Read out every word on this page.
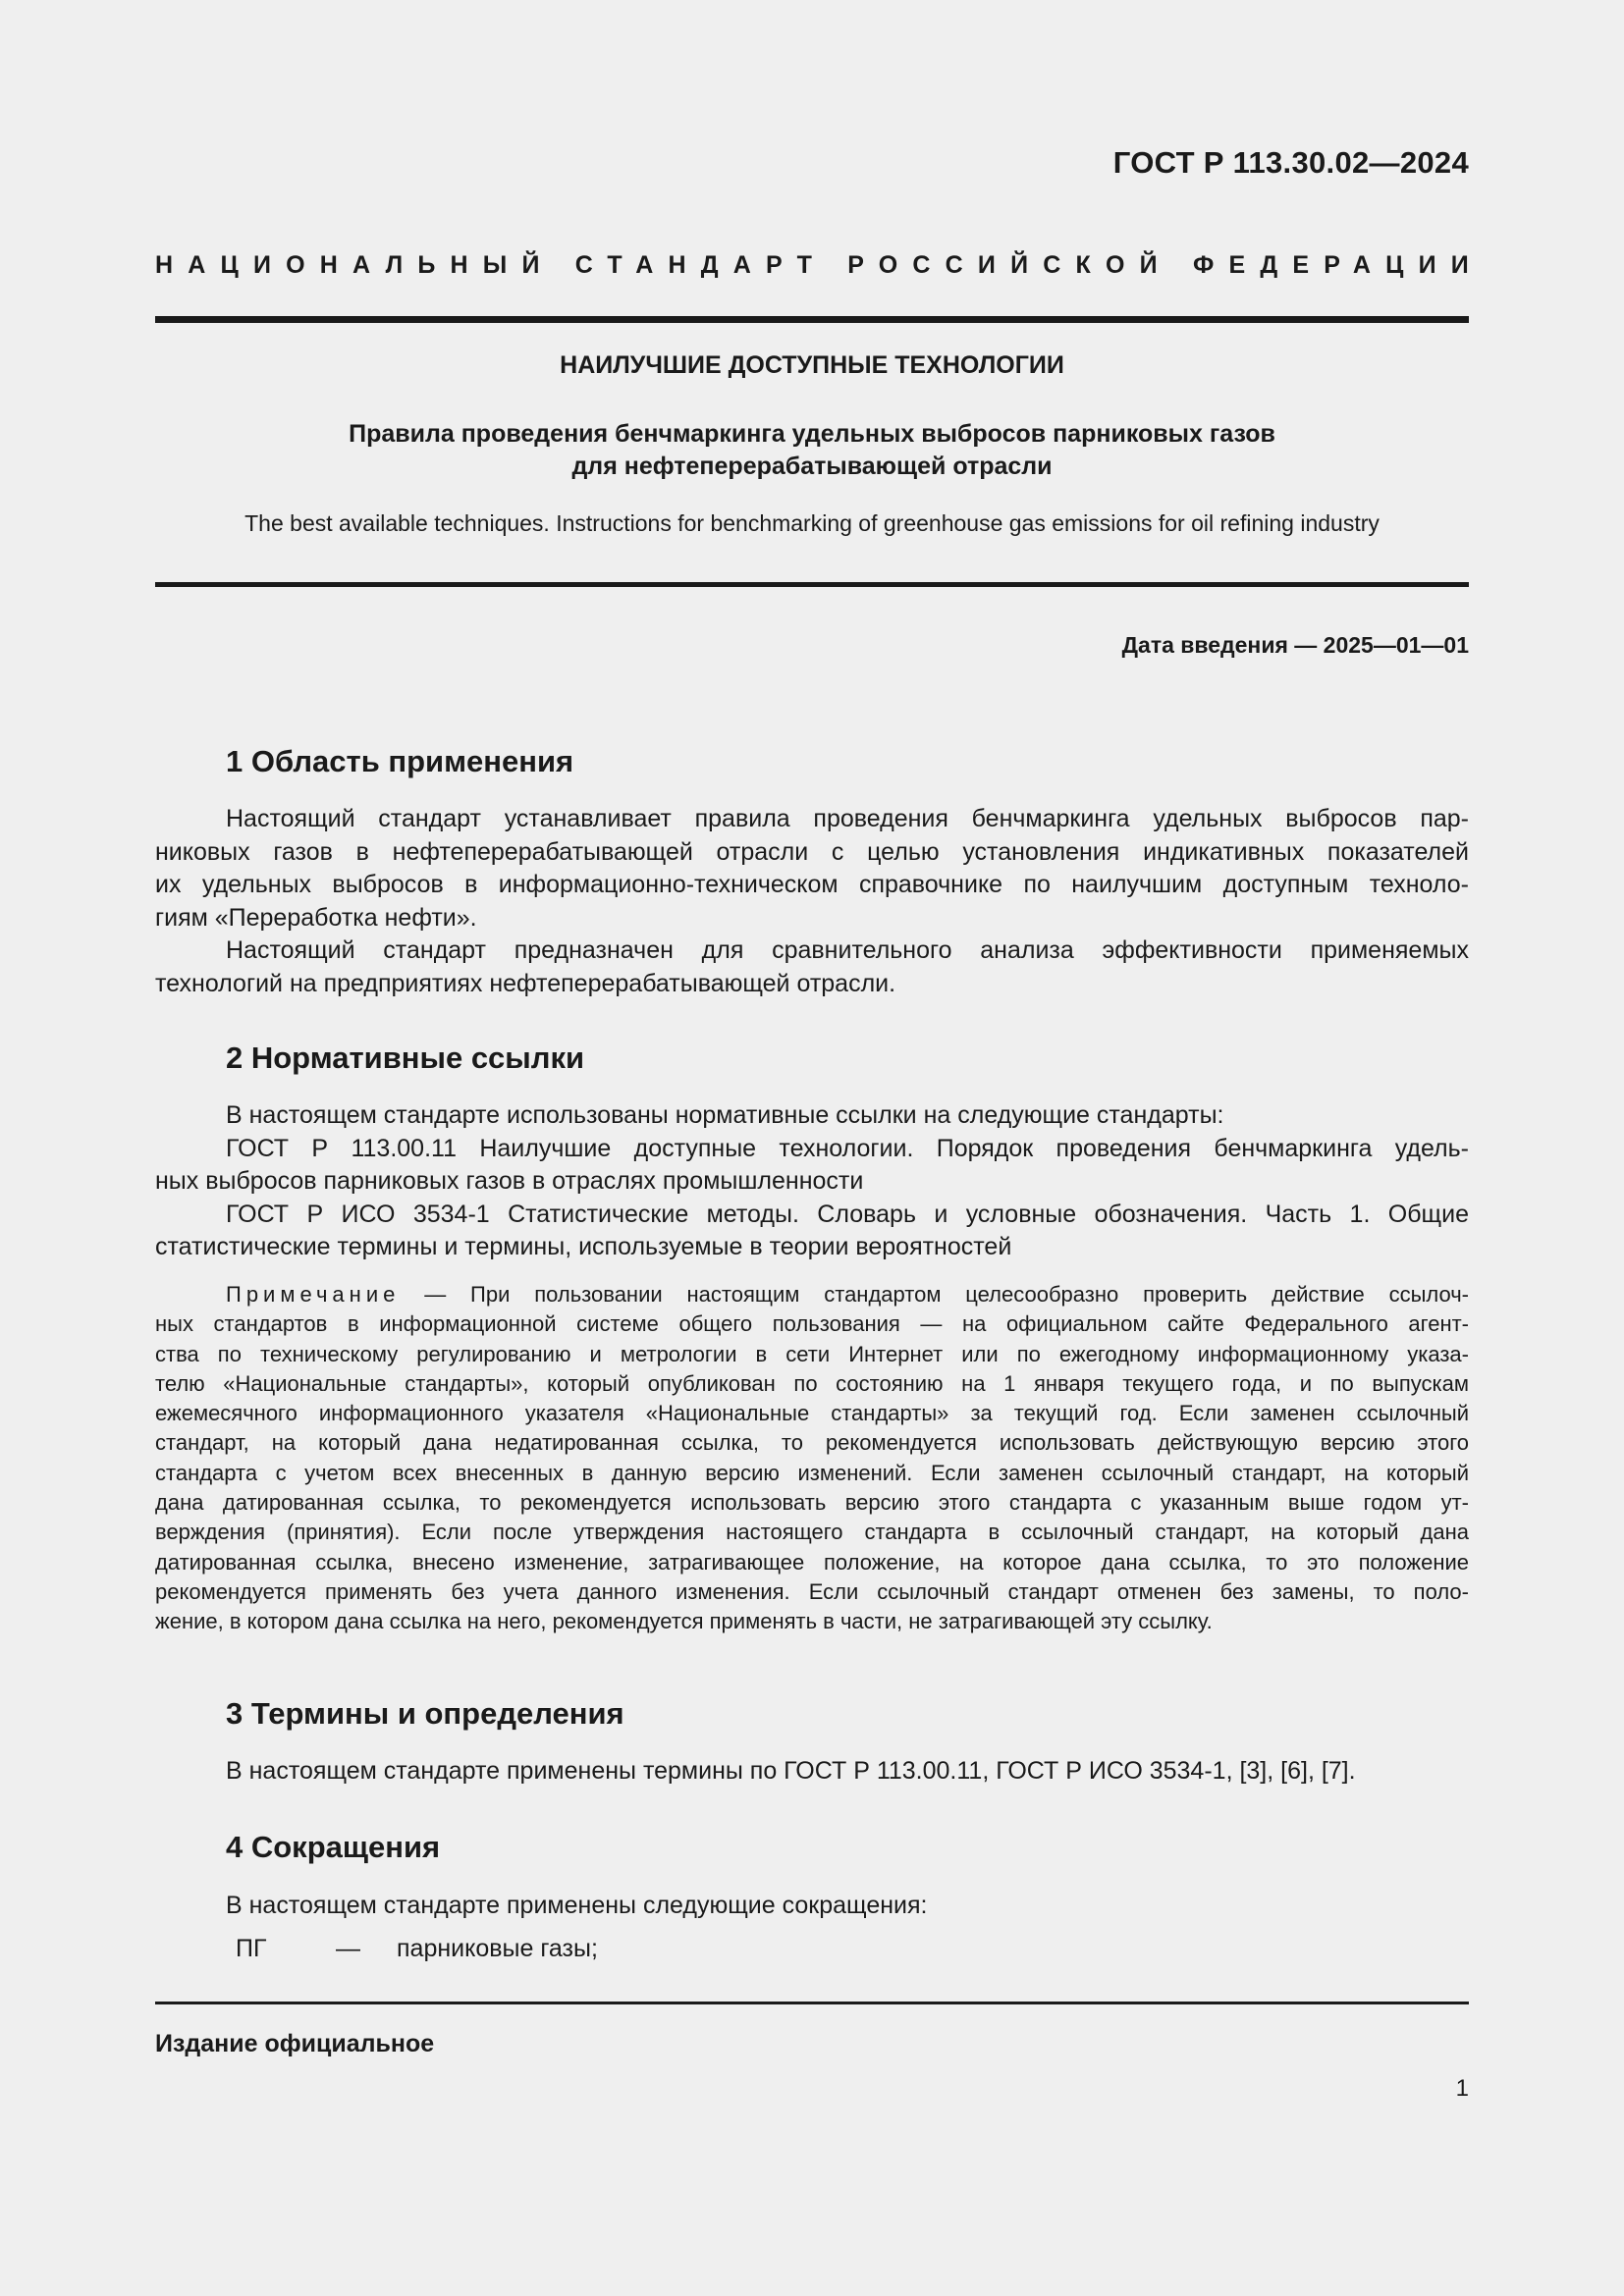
ГОСТ Р 113.30.02—2024
НАЦИОНАЛЬНЫЙ СТАНДАРТ РОССИЙСКОЙ ФЕДЕРАЦИИ
НАИЛУЧШИЕ ДОСТУПНЫЕ ТЕХНОЛОГИИ
Правила проведения бенчмаркинга удельных выбросов парниковых газов
для нефтеперерабатывающей отрасли
The best available techniques. Instructions for benchmarking of greenhouse gas emissions for oil refining industry
Дата введения — 2025—01—01
1 Область применения
Настоящий стандарт устанавливает правила проведения бенчмаркинга удельных выбросов пар-
никовых газов в нефтеперерабатывающей отрасли с целью установления индикативных показателей
их удельных выбросов в информационно-техническом справочнике по наилучшим доступным техноло-
гиям «Переработка нефти».
Настоящий стандарт предназначен для сравнительного анализа эффективности применяемых
технологий на предприятиях нефтеперерабатывающей отрасли.
2 Нормативные ссылки
В настоящем стандарте использованы нормативные ссылки на следующие стандарты:
ГОСТ Р 113.00.11 Наилучшие доступные технологии. Порядок проведения бенчмаркинга удель-
ных выбросов парниковых газов в отраслях промышленности
ГОСТ Р ИСО 3534-1 Статистические методы. Словарь и условные обозначения. Часть 1. Общие
статистические термины и термины, используемые в теории вероятностей
Примечание — При пользовании настоящим стандартом целесообразно проверить действие ссылоч-
ных стандартов в информационной системе общего пользования — на официальном сайте Федерального агент-
ства по техническому регулированию и метрологии в сети Интернет или по ежегодному информационному указа-
телю «Национальные стандарты», который опубликован по состоянию на 1 января текущего года, и по выпускам
ежемесячного информационного указателя «Национальные стандарты» за текущий год. Если заменен ссылочный
стандарт, на который дана недатированная ссылка, то рекомендуется использовать действующую версию этого
стандарта с учетом всех внесенных в данную версию изменений. Если заменен ссылочный стандарт, на который
дана датированная ссылка, то рекомендуется использовать версию этого стандарта с указанным выше годом ут-
верждения (принятия). Если после утверждения настоящего стандарта в ссылочный стандарт, на который дана
датированная ссылка, внесено изменение, затрагивающее положение, на которое дана ссылка, то это положение
рекомендуется применять без учета данного изменения. Если ссылочный стандарт отменен без замены, то поло-
жение, в котором дана ссылка на него, рекомендуется применять в части, не затрагивающей эту ссылку.
3 Термины и определения
В настоящем стандарте применены термины по ГОСТ Р 113.00.11, ГОСТ Р ИСО 3534-1, [3], [6], [7].
4 Сокращения
В настоящем стандарте применены следующие сокращения:
ПГ	— парниковые газы;
Издание официальное
1
